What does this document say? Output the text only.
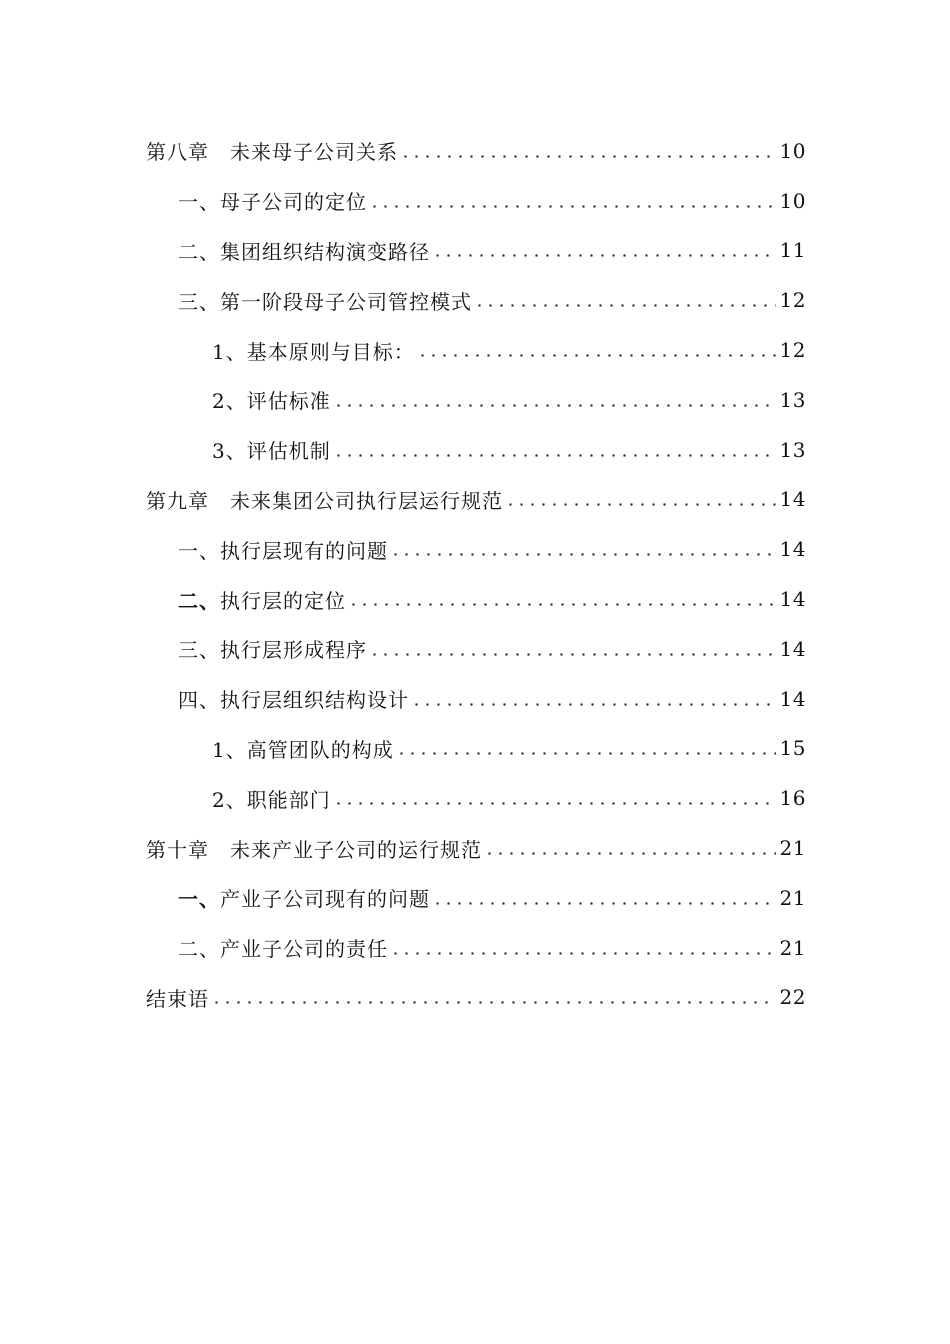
第八章　未来母子公司关系	10
一、母子公司的定位	10
二、集团组织结构演变路径	11
三、第一阶段母子公司管控模式	12
1、基本原则与目标：	12
2、评估标准	13
3、评估机制	13
第九章　未来集团公司执行层运行规范	14
一、执行层现有的问题	14
二、执行层的定位	14
三、执行层形成程序	14
四、执行层组织结构设计	14
1、高管团队的构成	15
2、职能部门	16
第十章　未来产业子公司的运行规范	21
一、产业子公司现有的问题	21
二、产业子公司的责任	21
结束语	22
